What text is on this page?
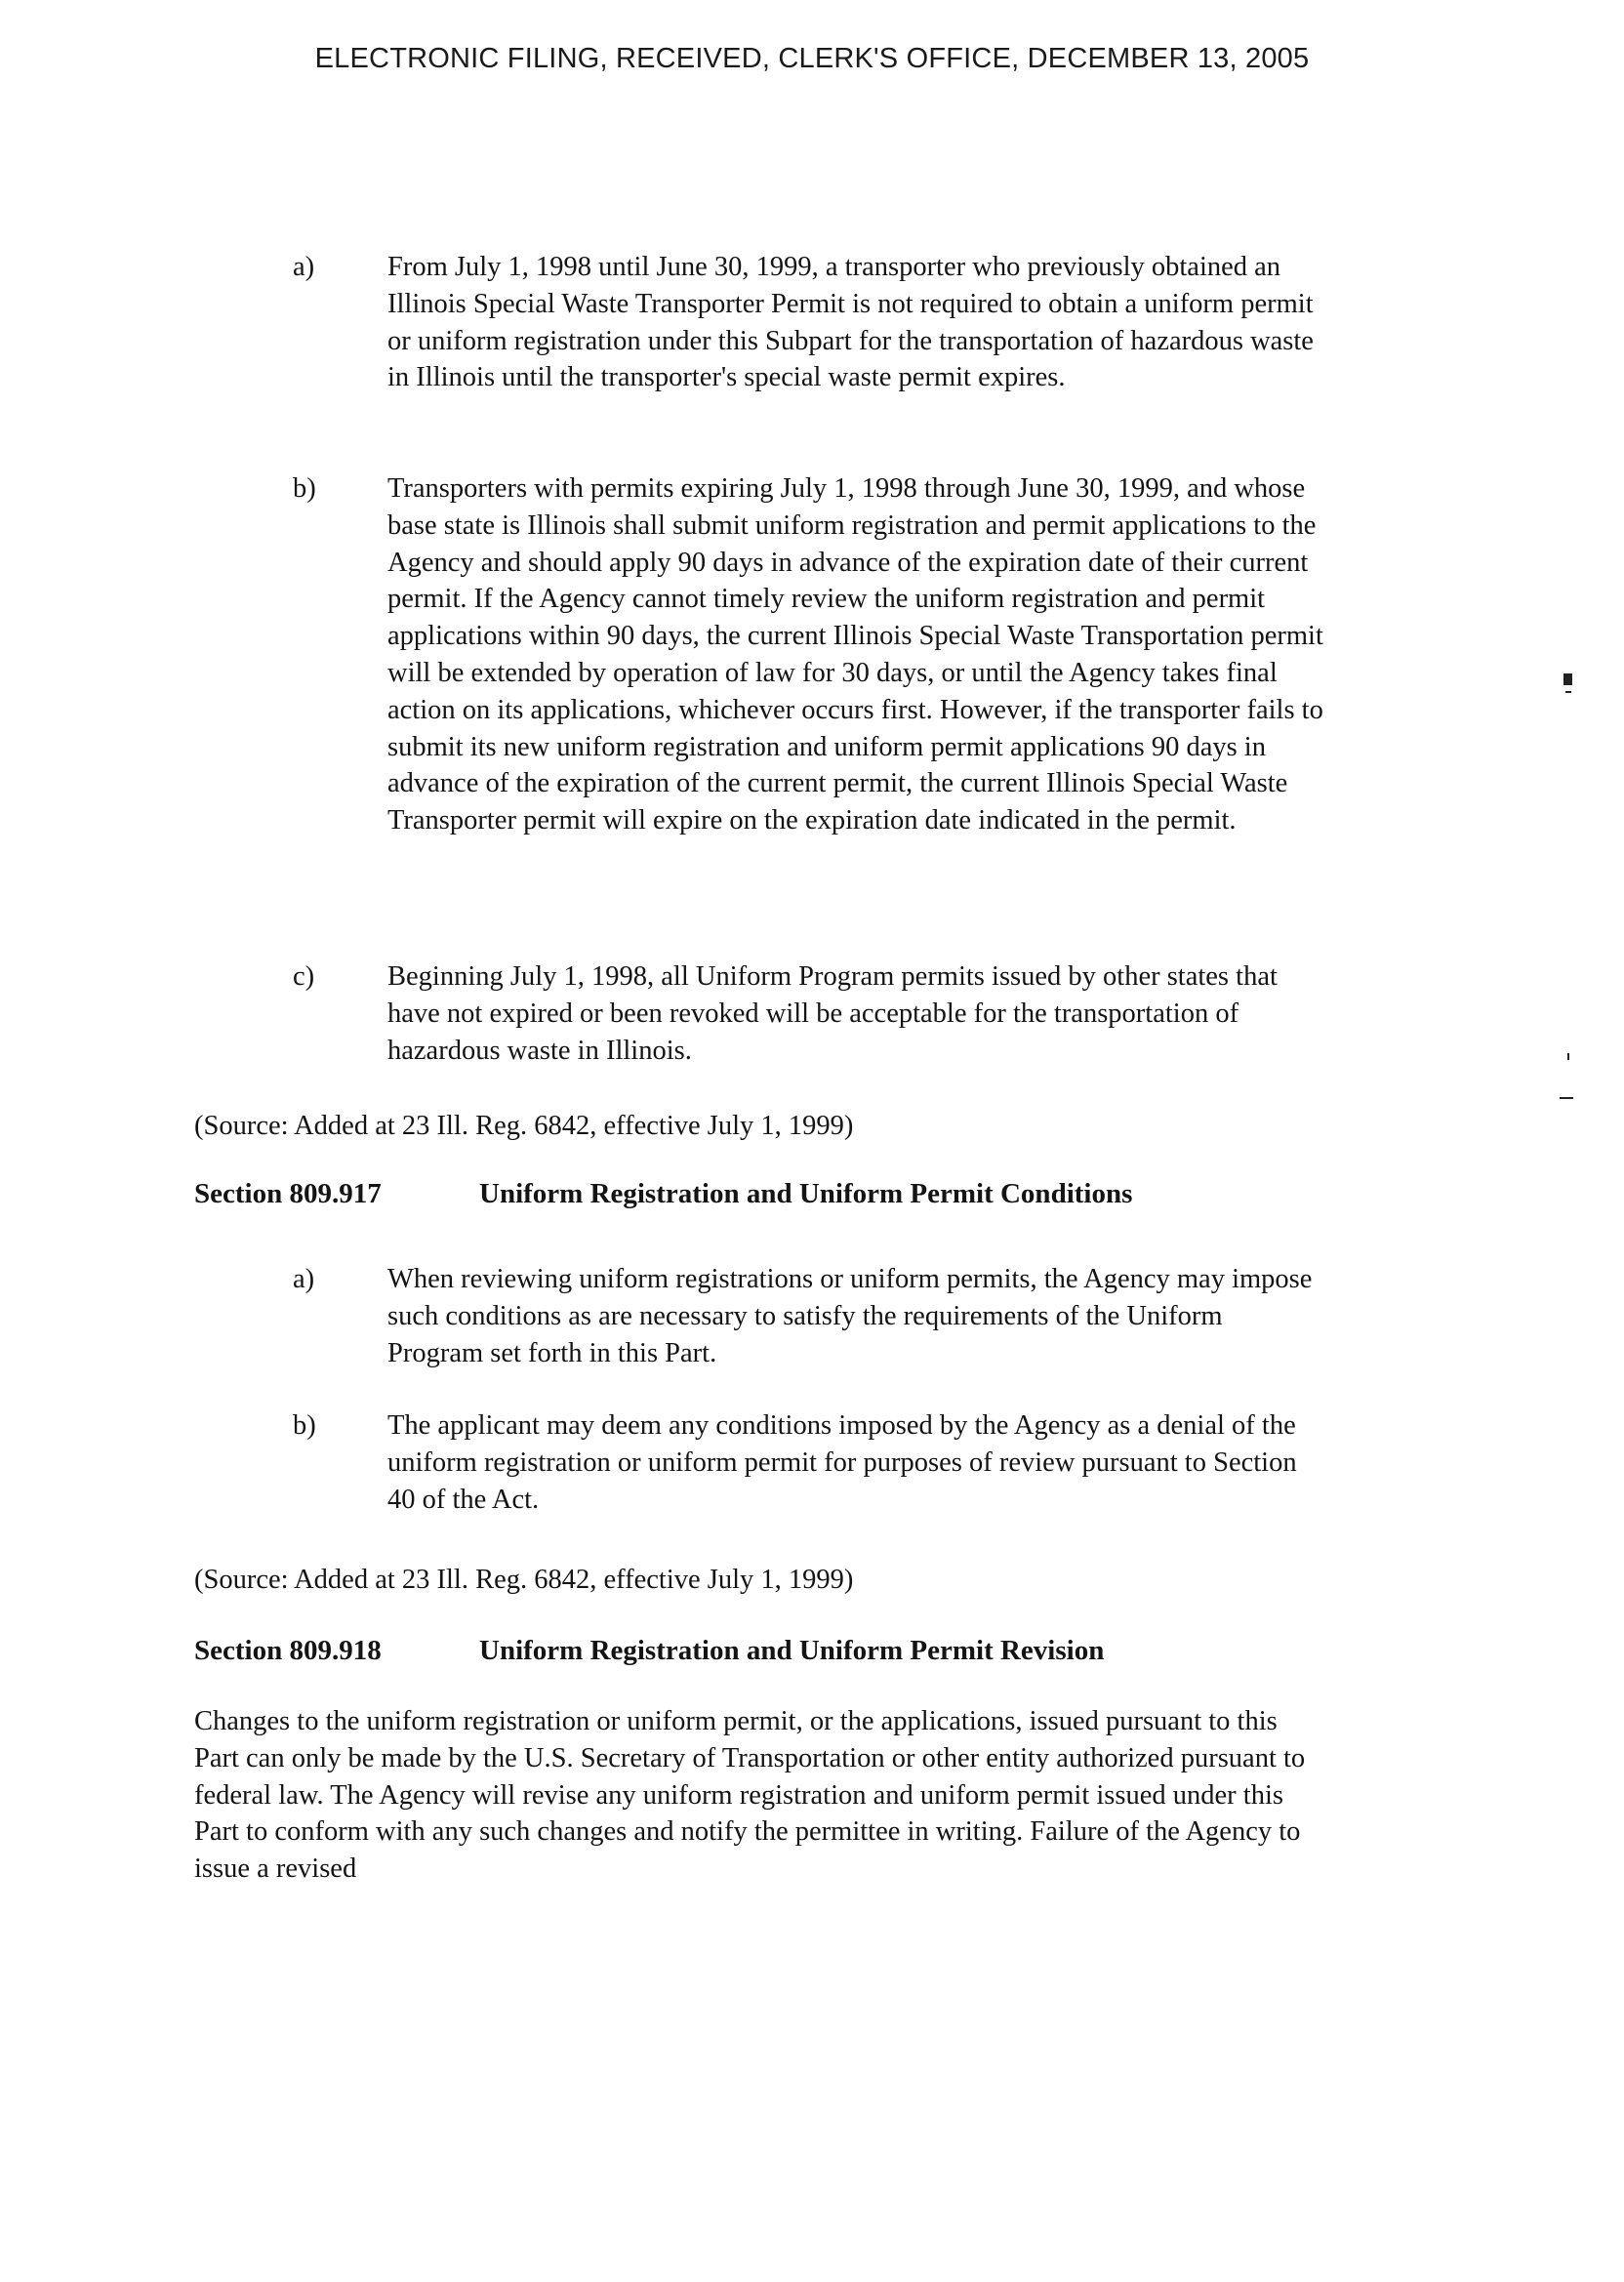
ELECTRONIC FILING, RECEIVED, CLERK'S OFFICE, DECEMBER 13, 2005
a)	From July 1, 1998 until June 30, 1999, a transporter who previously obtained an Illinois Special Waste Transporter Permit is not required to obtain a uniform permit or uniform registration under this Subpart for the transportation of hazardous waste in Illinois until the transporter's special waste permit expires.
b)	Transporters with permits expiring July 1, 1998 through June 30, 1999, and whose base state is Illinois shall submit uniform registration and permit applications to the Agency and should apply 90 days in advance of the expiration date of their current permit. If the Agency cannot timely review the uniform registration and permit applications within 90 days, the current Illinois Special Waste Transportation permit will be extended by operation of law for 30 days, or until the Agency takes final action on its applications, whichever occurs first. However, if the transporter fails to submit its new uniform registration and uniform permit applications 90 days in advance of the expiration of the current permit, the current Illinois Special Waste Transporter permit will expire on the expiration date indicated in the permit.
c)	Beginning July 1, 1998, all Uniform Program permits issued by other states that have not expired or been revoked will be acceptable for the transportation of hazardous waste in Illinois.
(Source: Added at 23 Ill. Reg. 6842, effective July 1, 1999)
Section 809.917	Uniform Registration and Uniform Permit Conditions
a)	When reviewing uniform registrations or uniform permits, the Agency may impose such conditions as are necessary to satisfy the requirements of the Uniform Program set forth in this Part.
b)	The applicant may deem any conditions imposed by the Agency as a denial of the uniform registration or uniform permit for purposes of review pursuant to Section 40 of the Act.
(Source: Added at 23 Ill. Reg. 6842, effective July 1, 1999)
Section 809.918	Uniform Registration and Uniform Permit Revision
Changes to the uniform registration or uniform permit, or the applications, issued pursuant to this Part can only be made by the U.S. Secretary of Transportation or other entity authorized pursuant to federal law. The Agency will revise any uniform registration and uniform permit issued under this Part to conform with any such changes and notify the permittee in writing. Failure of the Agency to issue a revised
